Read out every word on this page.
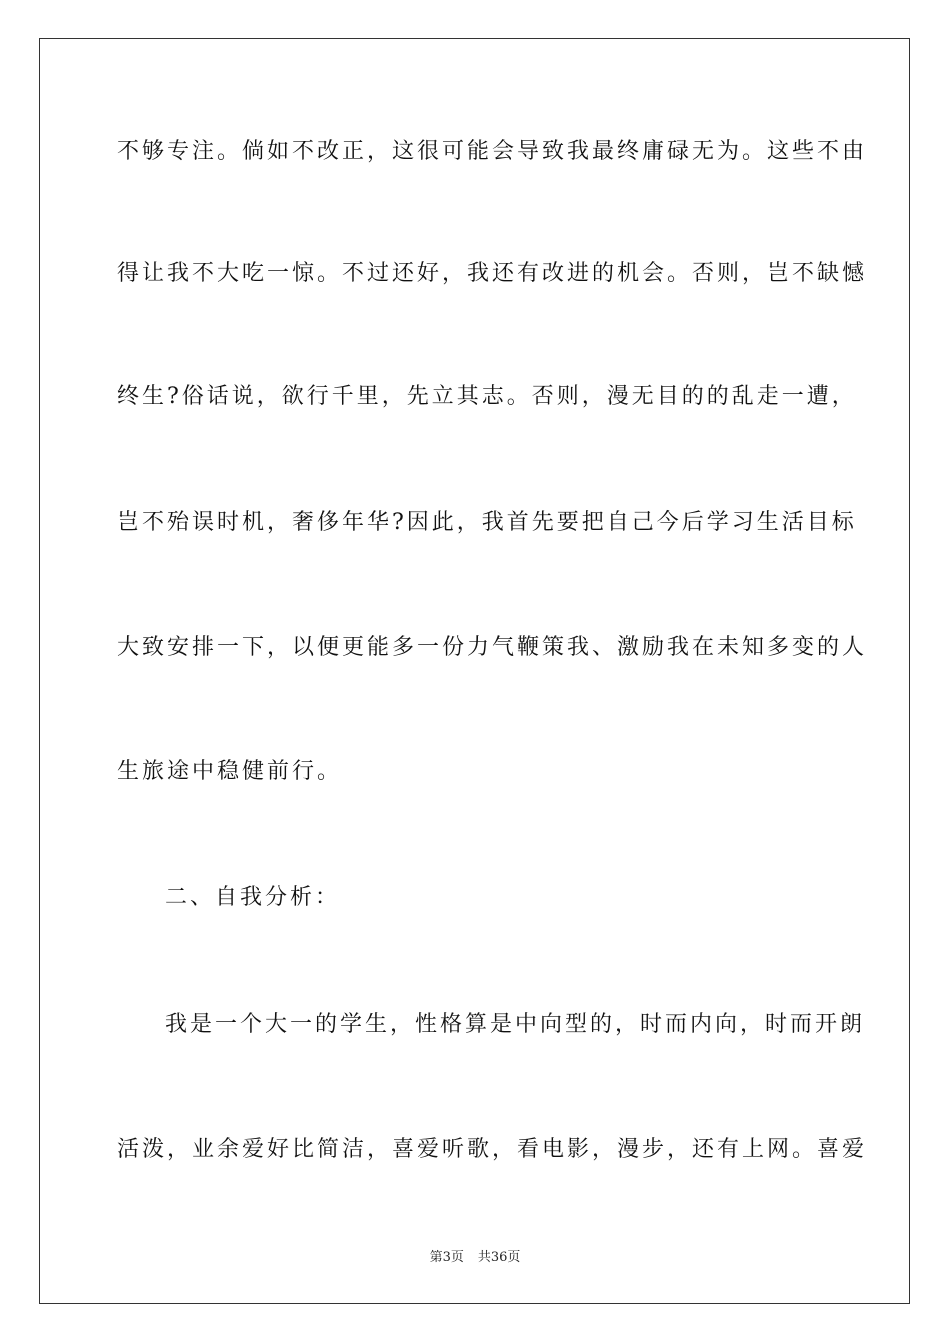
不够专注。倘如不改正，这很可能会导致我最终庸碌无为。这些不由
得让我不大吃一惊。不过还好，我还有改进的机会。否则，岂不缺憾
终生?俗话说，欲行千里，先立其志。否则，漫无目的的乱走一遭，
岂不殆误时机，奢侈年华?因此，我首先要把自己今后学习生活目标
大致安排一下，以便更能多一份力气鞭策我、激励我在未知多变的人
生旅途中稳健前行。
二、自我分析：
我是一个大一的学生，性格算是中向型的，时而内向，时而开朗
活泼，业余爱好比简洁，喜爱听歌，看电影，漫步，还有上网。喜爱
第3页 共36页
